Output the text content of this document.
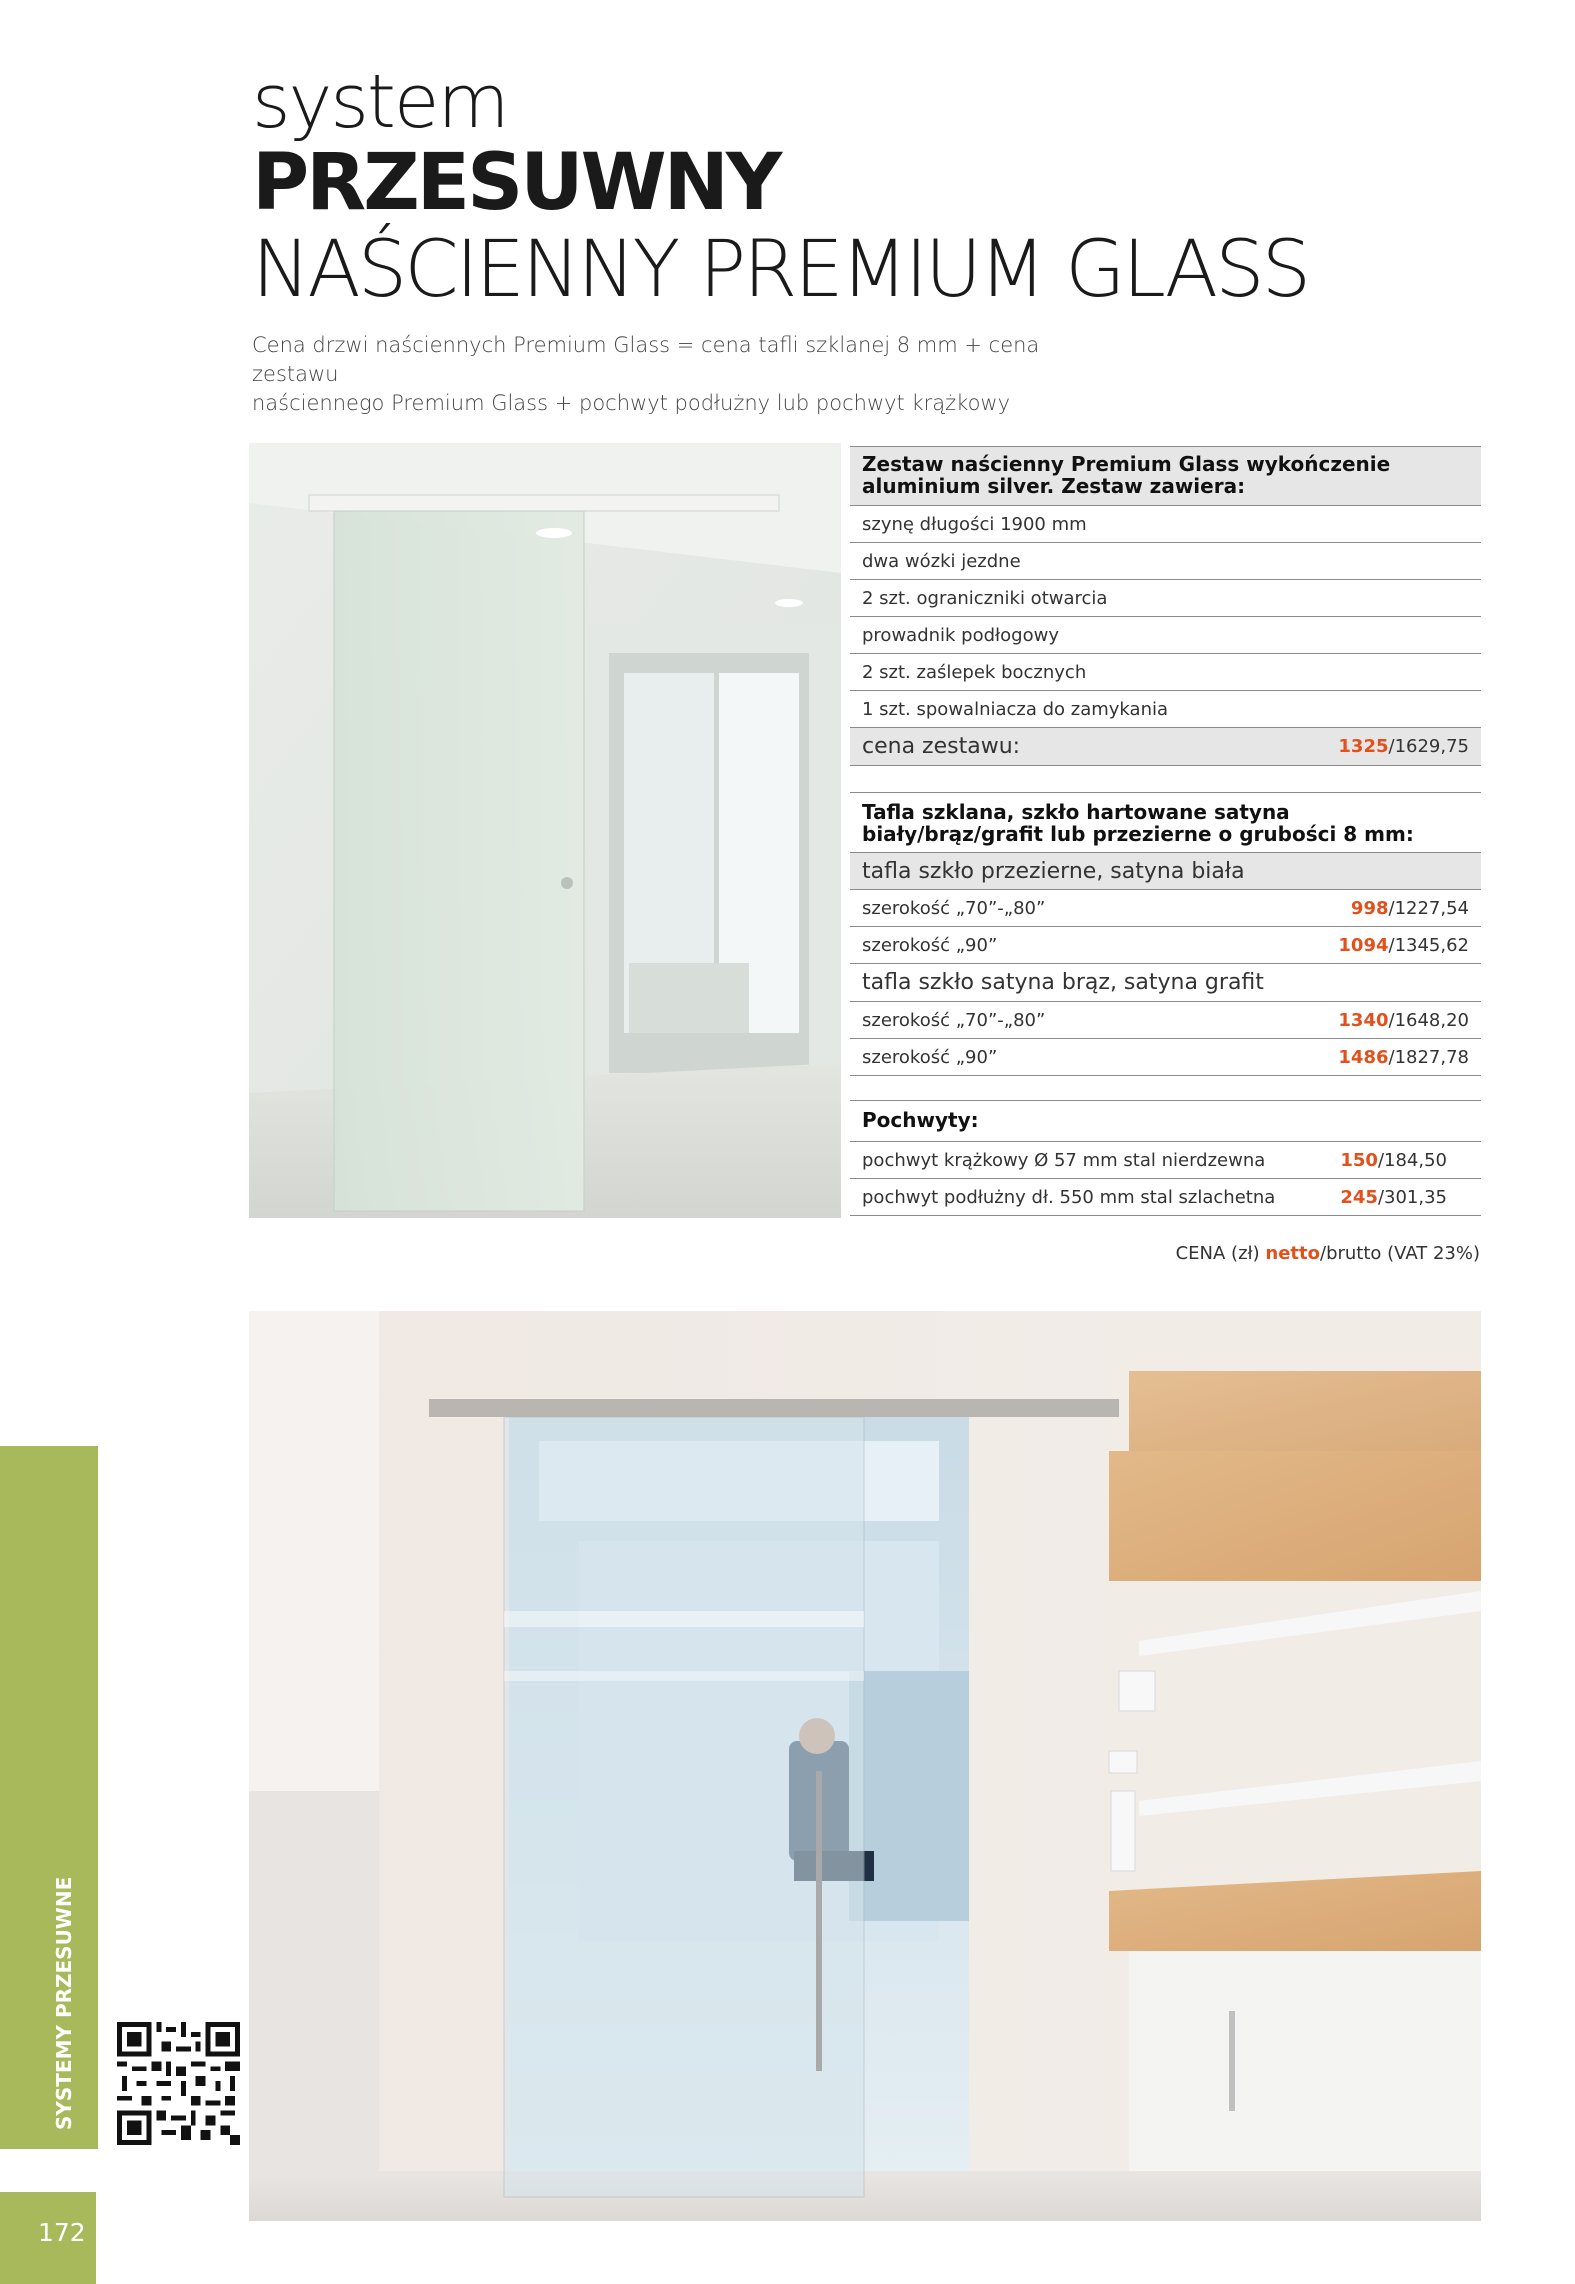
system
PRZESUWNY
NAŚCIENNY PREMIUM GLASS
Cena drzwi naściennych Premium Glass = cena tafli szklanej 8 mm + cena zestawu
naściennego Premium Glass + pochwyt podłużny lub pochwyt krążkowy
Zestaw naścienny Premium Glass wykończenie aluminium silver. Zestaw zawiera:
szynę długości 1900 mm
dwa wózki jezdne
2 szt. ograniczniki otwarcia
prowadnik podłogowy
2 szt. zaślepek bocznych
1 szt. spowalniacza do zamykania
cena zestawu:	1325/1629,75
Tafla szklana, szkło hartowane satyna biały/brąz/grafit lub przezierne o grubości 8 mm:
tafla szkło przezierne, satyna biała
szerokość „70”-„80”	998/1227,54
szerokość „90”	1094/1345,62
tafla szkło satyna brąz, satyna grafit
szerokość „70”-„80”	1340/1648,20
szerokość „90”	1486/1827,78
Pochwyty:
pochwyt krążkowy Ø 57 mm stal nierdzewna	150/184,50
pochwyt podłużny dł. 550 mm stal szlachetna	245/301,35
CENA (zł) netto/brutto (VAT 23%)
SYSTEMY PRZESUWNE
172
